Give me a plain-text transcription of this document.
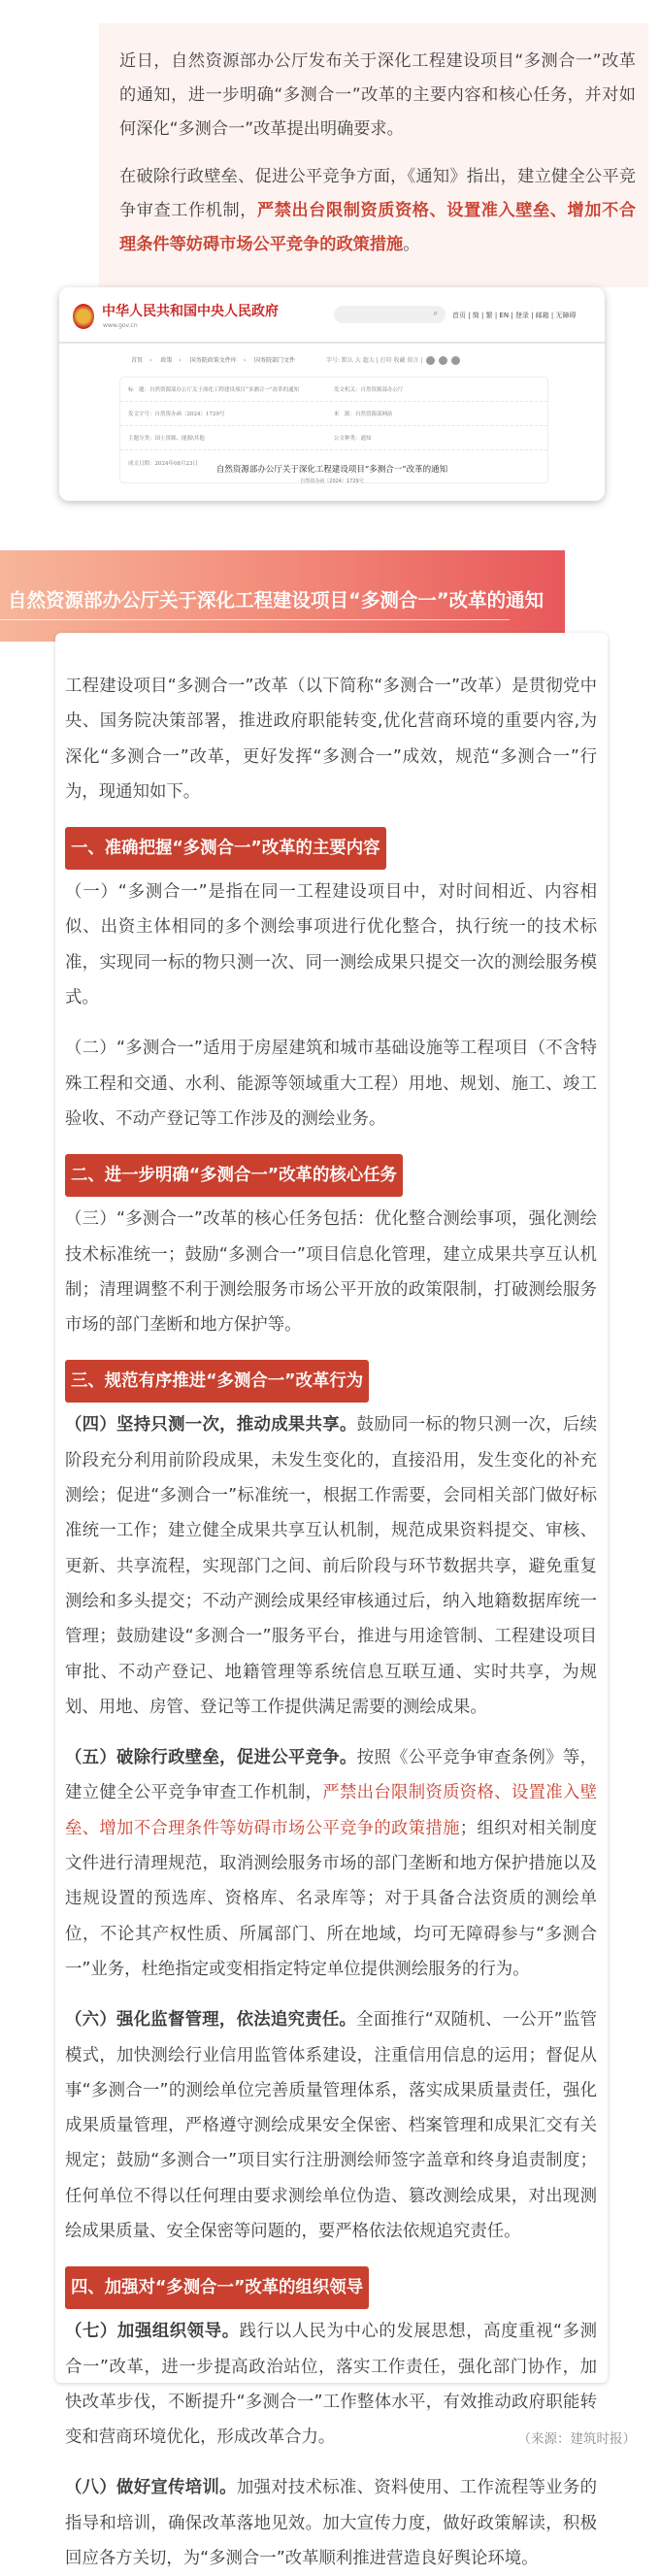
近日，自然资源部办公厅发布关于深化工程建设项目“多测合一”改革的通知，进一步明确“多测合一”改革的主要内容和核心任务，并对如何深化“多测合一”改革提出明确要求。

在破除行政壁垒、促进公平竞争方面，《通知》指出，建立健全公平竞争审查工作机制，严禁出台限制资质资格、设置准入壁垒、增加不合理条件等妨碍市场公平竞争的政策措施。

中华人民共和国中央人民政府
www.gov.cn
⌕	首页 | 简 | 繁 | EN | 登录 | 邮箱 | 无障碍
首页 › 政策 › 国务院政策文件库 › 国务院部门文件	字号: 默认 大 超大 | 打印 收藏 留言 |
标　题：自然资源部办公厅关于深化工程建设项目“多测合一”改革的通知	发文机关：自然资源部办公厅
发文字号：自然资办函〔2024〕1729号	来　源：自然资源部网站
主题分类：国土资源、能源\其他	公文种类：通知
成文日期：2024年08月23日
自然资源部办公厅关于深化工程建设项目“多测合一”改革的通知
自然资办函〔2024〕1729号
自然资源部办公厅关于深化工程建设项目“多测合一”改革的通知

工程建设项目“多测合一”改革（以下简称“多测合一”改革）是贯彻党中央、国务院决策部署，推进政府职能转变,优化营商环境的重要内容,为深化“多测合一”改革，更好发挥“多测合一”成效，规范“多测合一”行为，现通知如下。

一、准确把握“多测合一”改革的主要内容

（一）“多测合一”是指在同一工程建设项目中，对时间相近、内容相似、出资主体相同的多个测绘事项进行优化整合，执行统一的技术标准，实现同一标的物只测一次、同一测绘成果只提交一次的测绘服务模式。

（二）“多测合一”适用于房屋建筑和城市基础设施等工程项目（不含特殊工程和交通、水利、能源等领域重大工程）用地、规划、施工、竣工验收、不动产登记等工作涉及的测绘业务。

二、进一步明确“多测合一”改革的核心任务

（三）“多测合一”改革的核心任务包括：优化整合测绘事项，强化测绘技术标准统一；鼓励“多测合一”项目信息化管理，建立成果共享互认机制；清理调整不利于测绘服务市场公平开放的政策限制，打破测绘服务市场的部门垄断和地方保护等。

三、规范有序推进“多测合一”改革行为

（四）坚持只测一次，推动成果共享。鼓励同一标的物只测一次，后续阶段充分利用前阶段成果，未发生变化的，直接沿用，发生变化的补充测绘；促进“多测合一”标准统一，根据工作需要，会同相关部门做好标准统一工作；建立健全成果共享互认机制，规范成果资料提交、审核、更新、共享流程，实现部门之间、前后阶段与环节数据共享，避免重复测绘和多头提交；不动产测绘成果经审核通过后，纳入地籍数据库统一管理；鼓励建设“多测合一”服务平台，推进与用途管制、工程建设项目审批、不动产登记、地籍管理等系统信息互联互通、实时共享，为规划、用地、房管、登记等工作提供满足需要的测绘成果。

（五）破除行政壁垒，促进公平竞争。按照《公平竞争审查条例》等，建立健全公平竞争审查工作机制，严禁出台限制资质资格、设置准入壁垒、增加不合理条件等妨碍市场公平竞争的政策措施；组织对相关制度文件进行清理规范，取消测绘服务市场的部门垄断和地方保护措施以及违规设置的预选库、资格库、名录库等；对于具备合法资质的测绘单位，不论其产权性质、所属部门、所在地域，均可无障碍参与“多测合一”业务，杜绝指定或变相指定特定单位提供测绘服务的行为。

（六）强化监督管理，依法追究责任。全面推行“双随机、一公开”监管模式，加快测绘行业信用监管体系建设，注重信用信息的运用；督促从事“多测合一”的测绘单位完善质量管理体系，落实成果质量责任，强化成果质量管理，严格遵守测绘成果安全保密、档案管理和成果汇交有关规定；鼓励“多测合一”项目实行注册测绘师签字盖章和终身追责制度；任何单位不得以任何理由要求测绘单位伪造、篡改测绘成果，对出现测绘成果质量、安全保密等问题的，要严格依法依规追究责任。

四、加强对“多测合一”改革的组织领导

（七）加强组织领导。践行以人民为中心的发展思想，高度重视“多测合一”改革，进一步提高政治站位，落实工作责任，强化部门协作，加快改革步伐，不断提升“多测合一”工作整体水平，有效推动政府职能转变和营商环境优化，形成改革合力。

（八）做好宣传培训。加强对技术标准、资料使用、工作流程等业务的指导和培训，确保改革落地见效。加大宣传力度，做好政策解读，积极回应各方关切，为“多测合一”改革顺利推进营造良好舆论环境。

（来源：建筑时报）
